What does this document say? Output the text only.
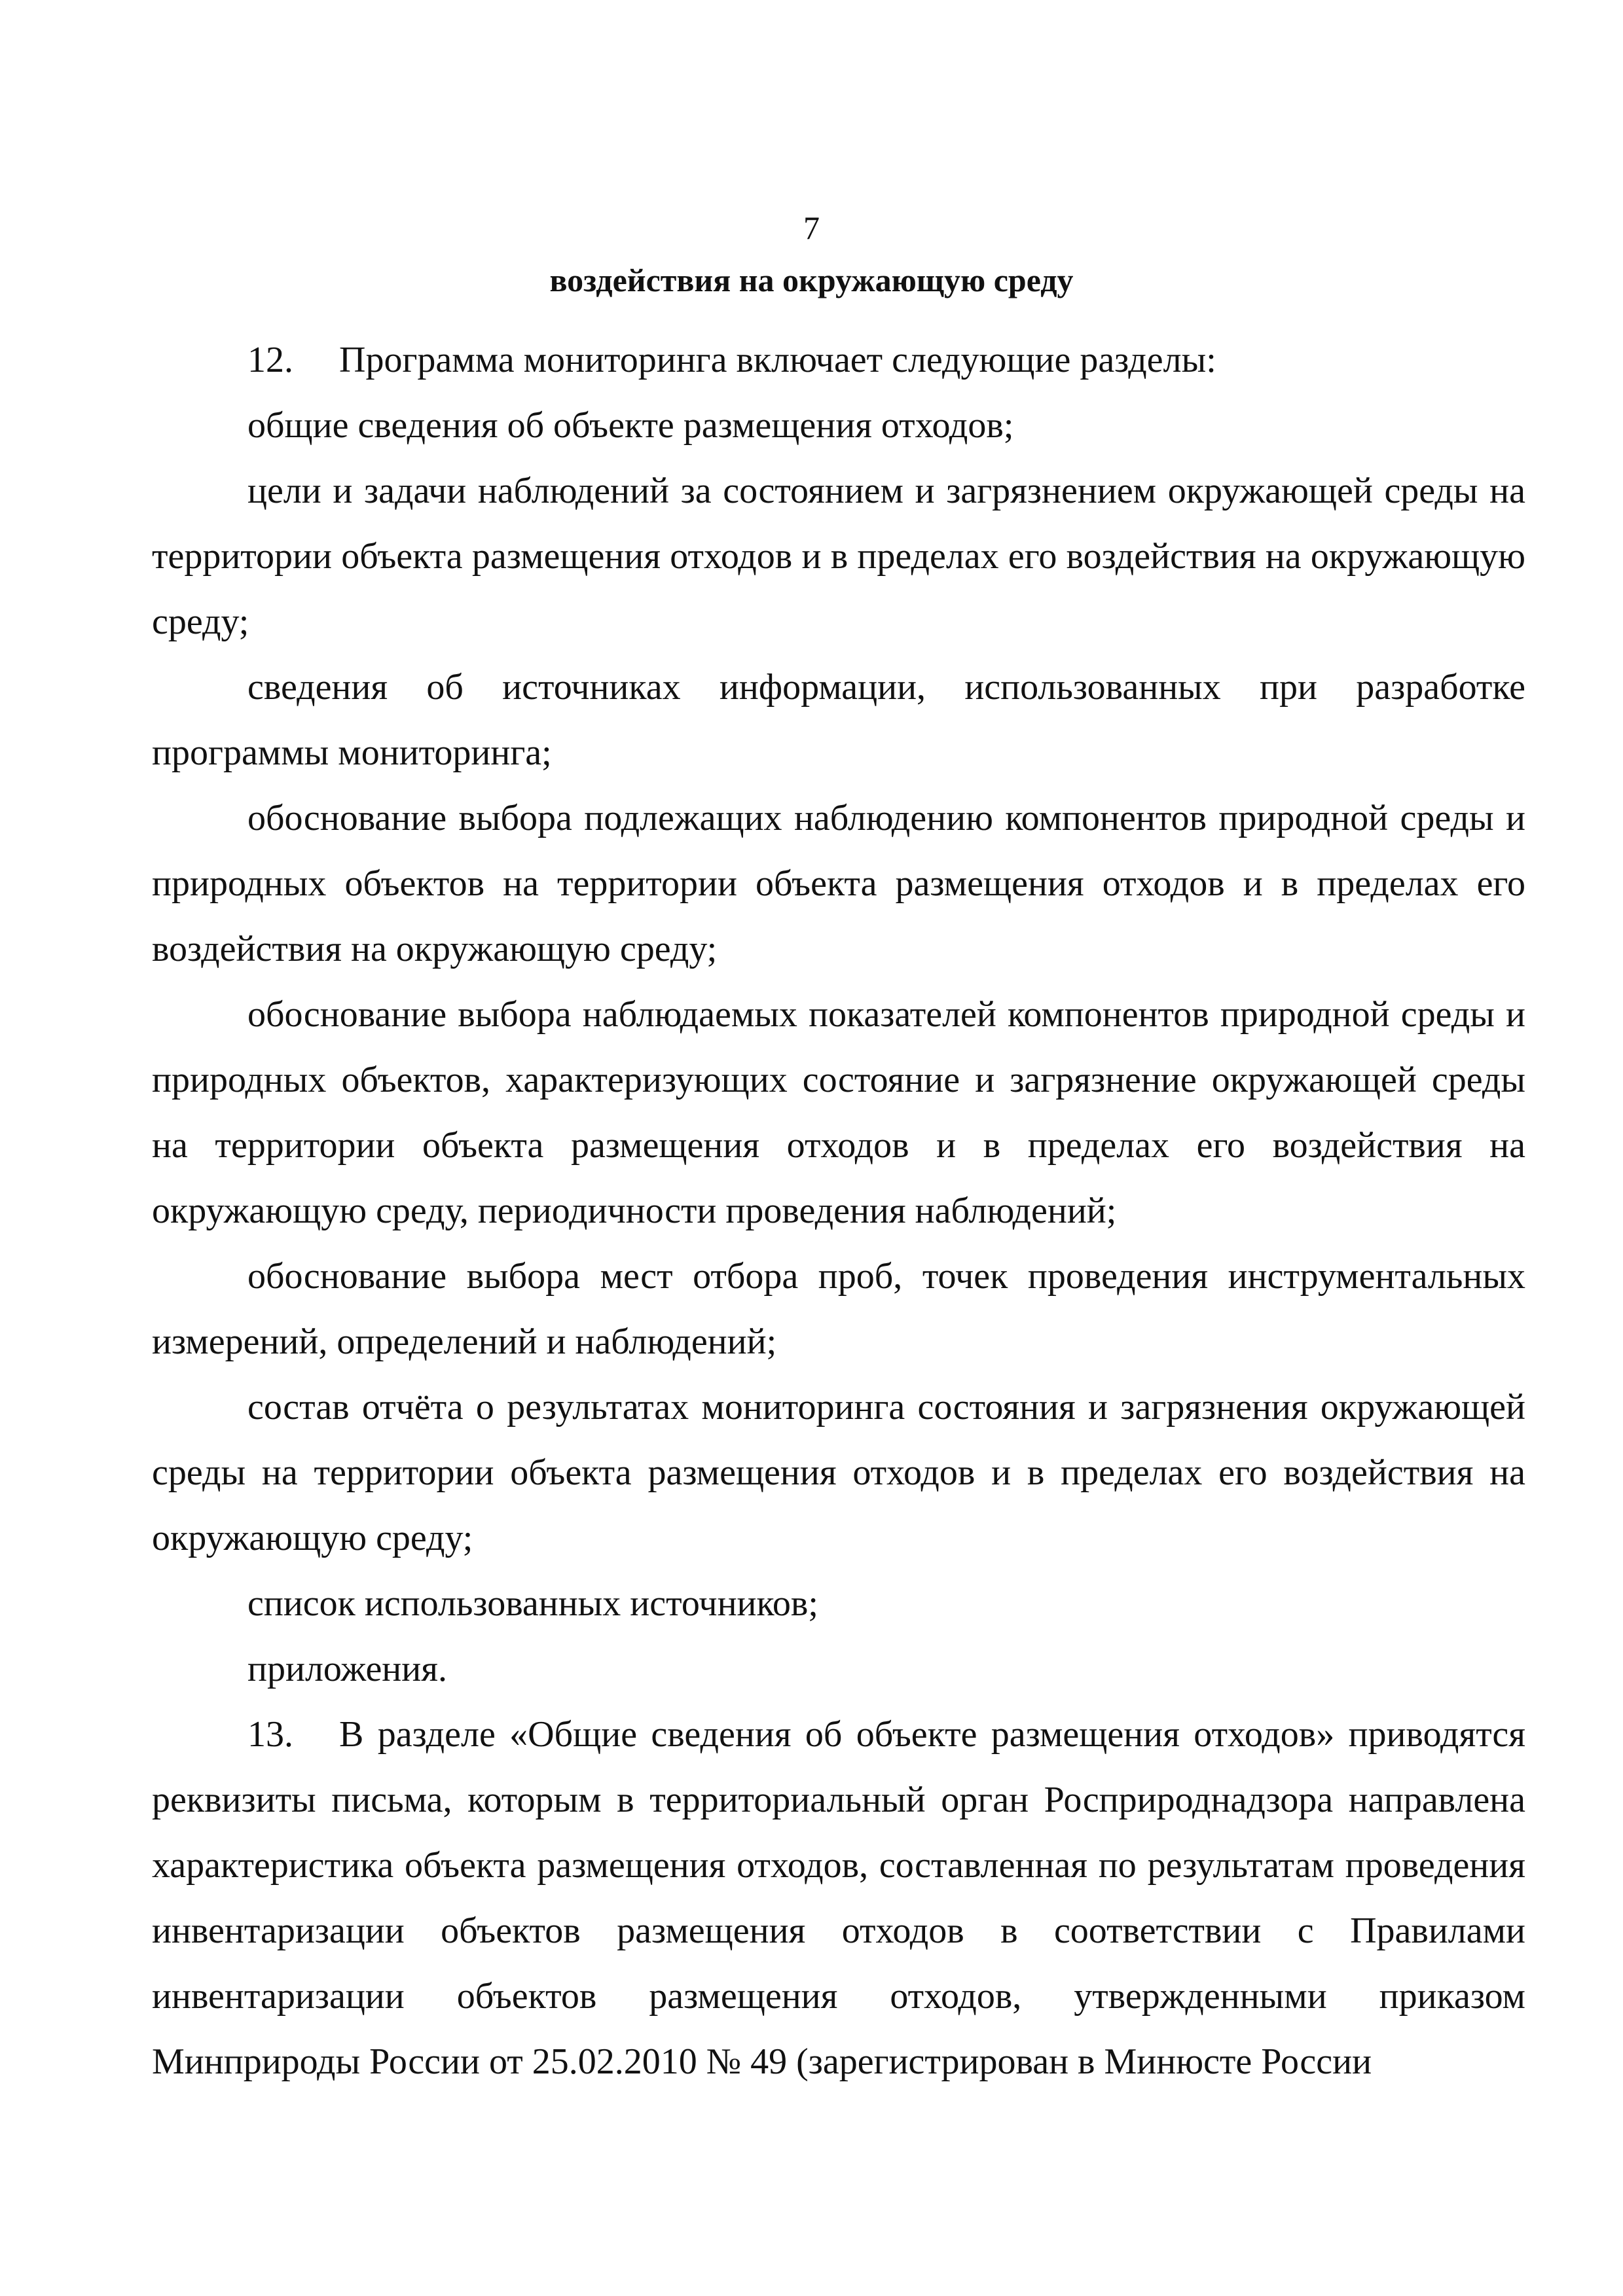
7
воздействия на окружающую среду

12. Программа мониторинга включает следующие разделы:

общие сведения об объекте размещения отходов;

цели и задачи наблюдений за состоянием и загрязнением окружающей среды на территории объекта размещения отходов и в пределах его воздействия на окружающую среду;

сведения об источниках информации, использованных при разработке программы мониторинга;

обоснование выбора подлежащих наблюдению компонентов природной среды и природных объектов на территории объекта размещения отходов и в пределах его воздействия на окружающую среду;

обоснование выбора наблюдаемых показателей компонентов природной среды и природных объектов, характеризующих состояние и загрязнение окружающей среды на территории объекта размещения отходов и в пределах его воздействия на окружающую среду, периодичности проведения наблюдений;

обоснование выбора мест отбора проб, точек проведения инструментальных измерений, определений и наблюдений;

состав отчёта о результатах мониторинга состояния и загрязнения окружающей среды на территории объекта размещения отходов и в пределах его воздействия на окружающую среду;

список использованных источников;

приложения.

13. В разделе «Общие сведения об объекте размещения отходов» приводятся реквизиты письма, которым в территориальный орган Росприроднадзора направлена характеристика объекта размещения отходов, составленная по результатам проведения инвентаризации объектов размещения отходов в соответствии с Правилами инвентаризации объектов размещения отходов, утвержденными приказом Минприроды России от 25.02.2010 № 49 (зарегистрирован в Минюсте России
